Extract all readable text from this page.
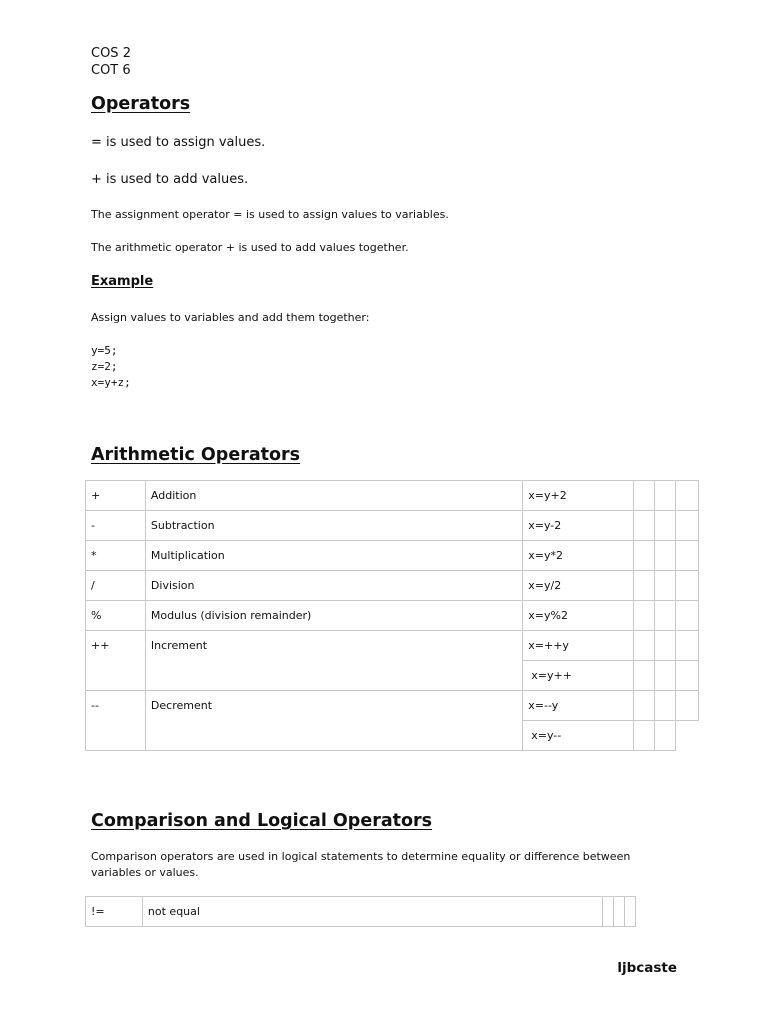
COS 2
COT 6
Operators
= is used to assign values.
+ is used to add values.
The assignment operator = is used to assign values to variables.
The arithmetic operator + is used to add values together.
Example
Assign values to variables and add them together:
y=5;
z=2;
x=y+z;
Arithmetic Operators
+	Addition	x=y+2			
-	Subtraction	x=y-2			
*	Multiplication	x=y*2			
/	Division	x=y/2			
%	Modulus (division remainder)	x=y%2			
++	Increment	x=++y			
		x=y++			
--	Decrement	x=--y			
		x=y--			
Comparison and Logical Operators
Comparison operators are used in logical statements to determine equality or difference between
variables or values.
!=	not equal			
ljbcaste
